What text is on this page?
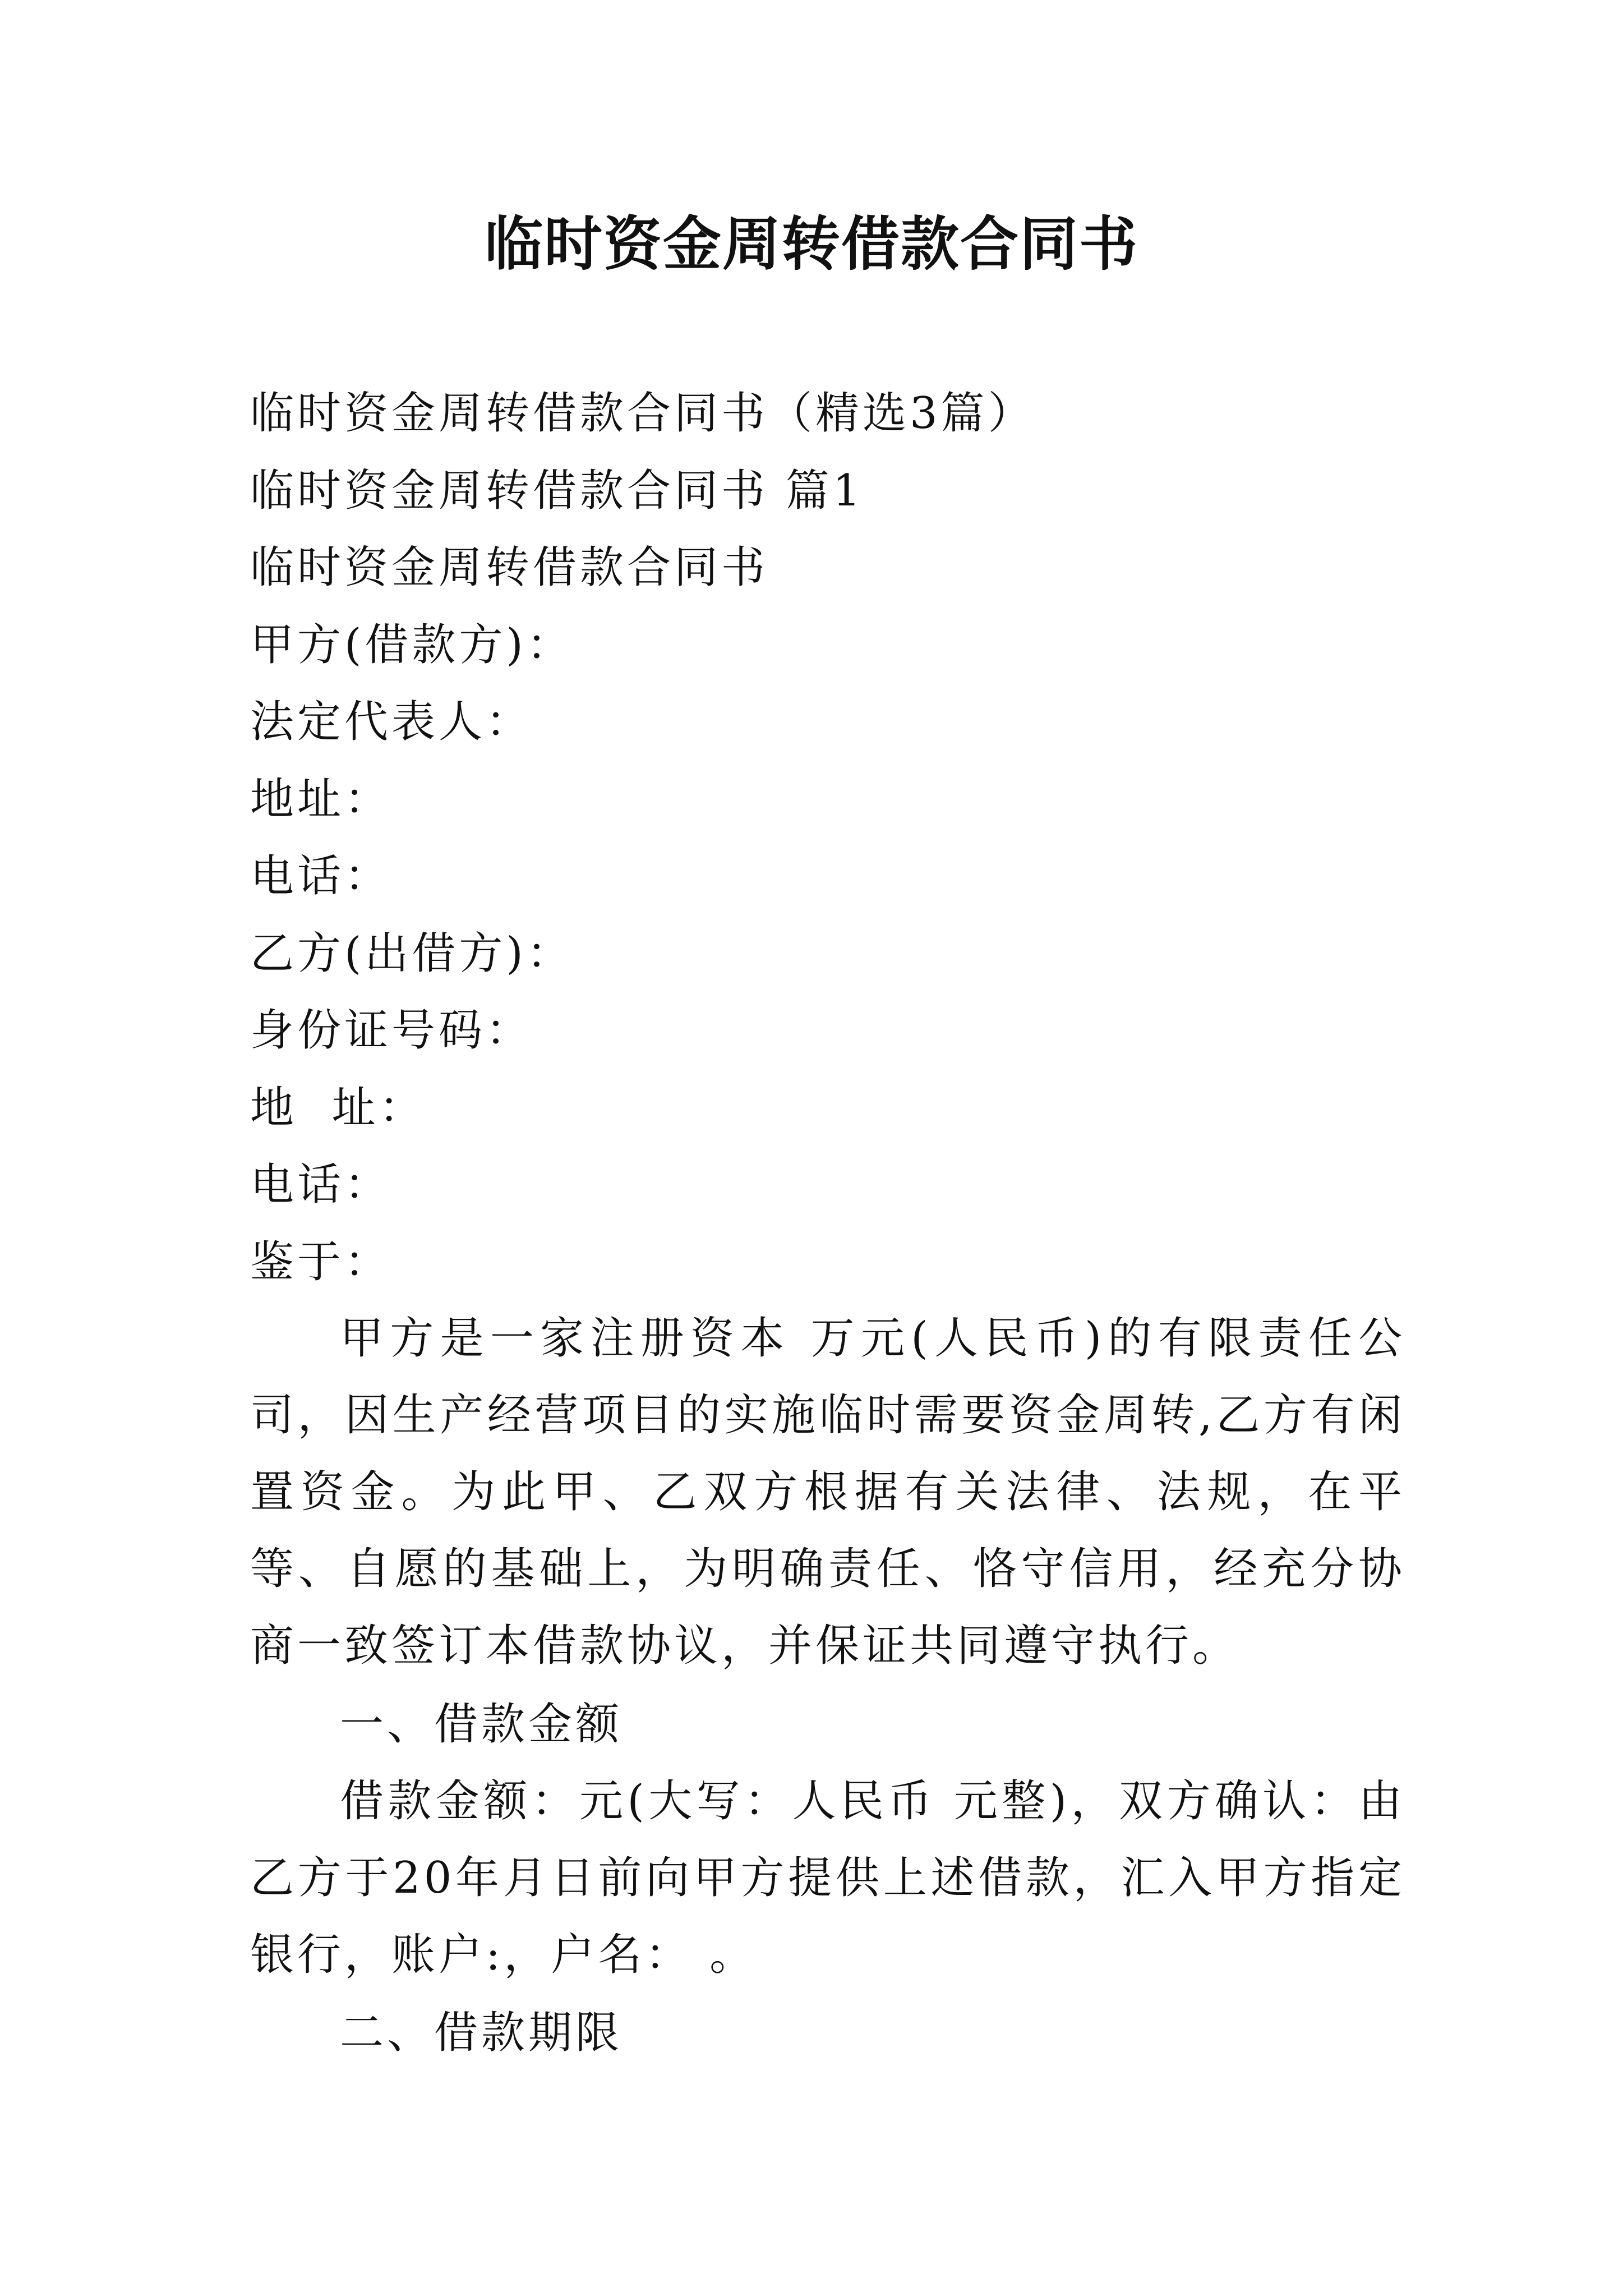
临时资金周转借款合同书
临时资金周转借款合同书（精选3篇）
临时资金周转借款合同书 篇1
临时资金周转借款合同书
甲方(借款方)：
法定代表人：
地址：
电话：
乙方(出借方)：
身份证号码：
地  址：
电话：
鉴于：

甲方是一家注册资本 万元(人民币)的有限责任公司，因生产经营项目的实施临时需要资金周转,乙方有闲置资金。为此甲、乙双方根据有关法律、法规，在平等、自愿的基础上，为明确责任、恪守信用，经充分协商一致签订本借款协议，并保证共同遵守执行。

一、借款金额

借款金额：元(大写：人民币 元整)，双方确认：由乙方于20年月日前向甲方提供上述借款，汇入甲方指定银行，账户:，户名： 。

二、借款期限
